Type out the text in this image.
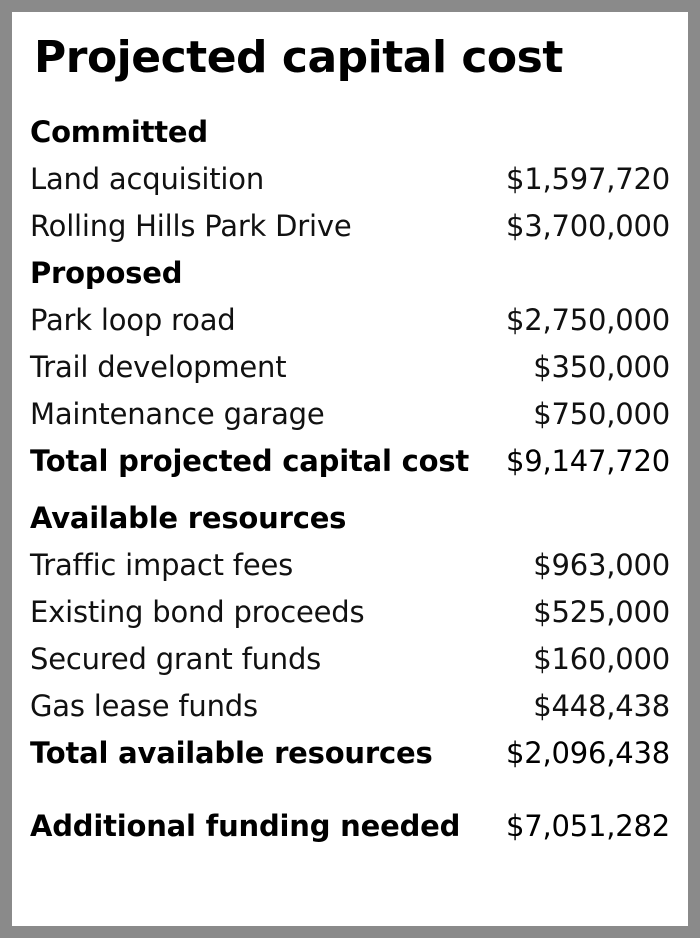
Projected capital cost
Committed
Land acquisition	$1,597,720
Rolling Hills Park Drive	$3,700,000
Proposed
Park loop road	$2,750,000
Trail development	$350,000
Maintenance garage	$750,000
Total projected capital cost $9,147,720
Available resources
Traffic impact fees	$963,000
Existing bond proceeds	$525,000
Secured grant funds	$160,000
Gas lease funds	$448,438
Total available resources	$2,096,438
Additional funding needed $7,051,282
